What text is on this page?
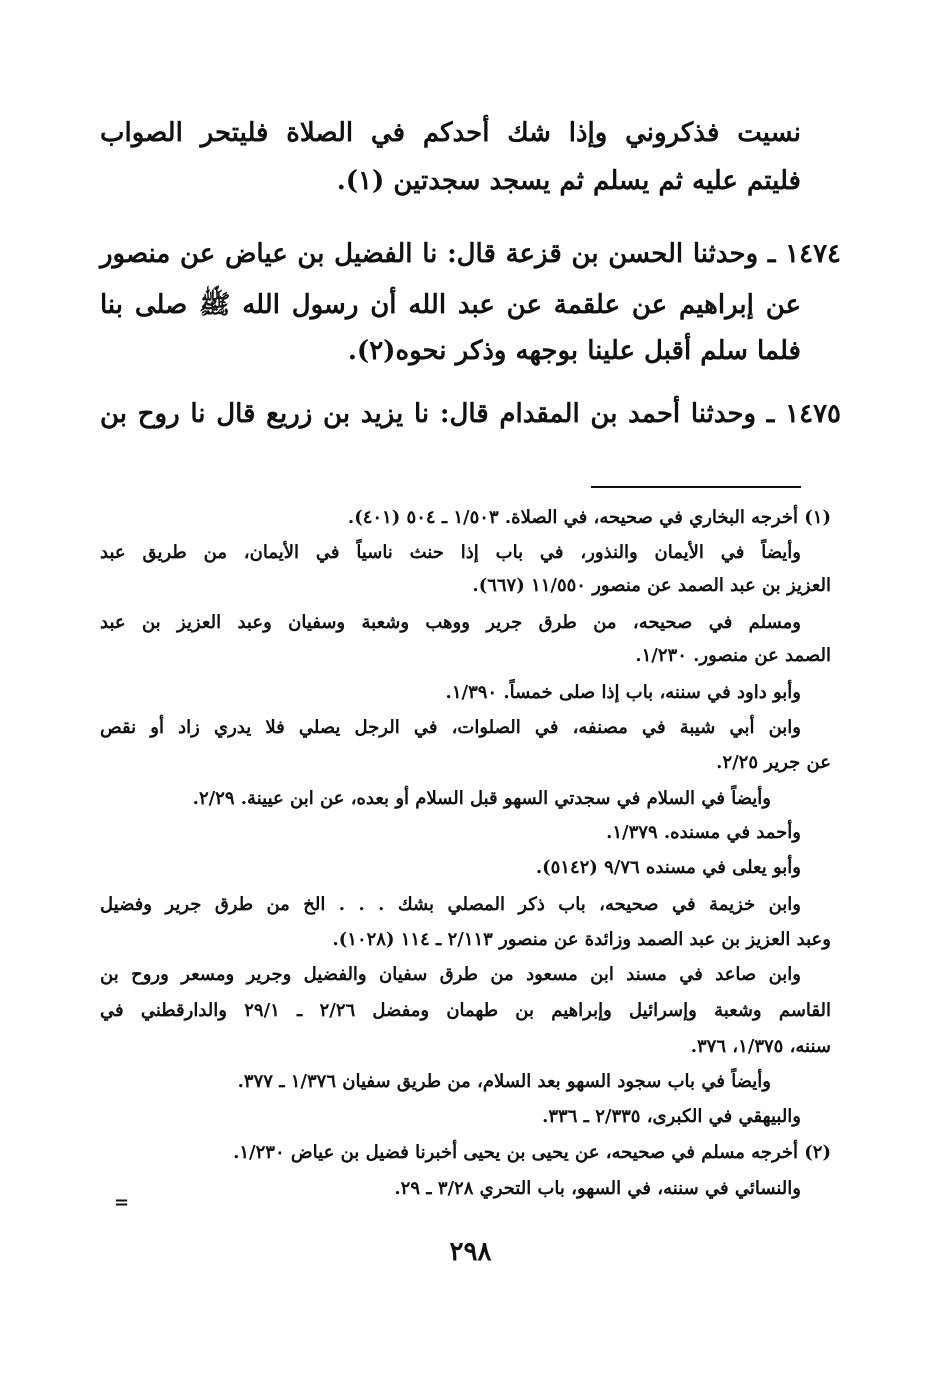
نسيت فذكروني وإذا شك أحدكم في الصلاة فليتحر الصواب
فليتم عليه ثم يسلم ثم يسجد سجدتين (١).
١٤٧٤ ـ وحدثنا الحسن بن قزعة قال: نا الفضيل بن عياض عن منصور
عن إبراهيم عن علقمة عن عبد الله أن رسول الله ﷺ صلى بنا
فلما سلم أقبل علينا بوجهه وذكر نحوه(٢).
١٤٧٥ ـ وحدثنا أحمد بن المقدام قال: نا يزيد بن زريع قال نا روح بن
(١) أخرجه البخاري في صحيحه، في الصلاة. ١/٥٠٣ ـ ٥٠٤ (٤٠١).
وأيضاً في الأيمان والنذور، في باب إذا حنث ناسياً في الأيمان، من طريق عبد
العزيز بن عبد الصمد عن منصور ١١/٥٥٠ (٦٦٧).
ومسلم في صحيحه، من طرق جرير ووهب وشعبة وسفيان وعبد العزيز بن عبد
الصمد عن منصور. ١/٢٣٠.
وأبو داود في سننه، باب إذا صلى خمساً. ١/٣٩٠.
وابن أبي شيبة في مصنفه، في الصلوات، في الرجل يصلي فلا يدري زاد أو نقص
عن جرير ٢/٢٥.
وأيضاً في السلام في سجدتي السهو قبل السلام أو بعده، عن ابن عيينة. ٢/٢٩.
وأحمد في مسنده. ١/٣٧٩.
وأبو يعلى في مسنده ٩/٧٦ (٥١٤٢).
وابن خزيمة في صحيحه، باب ذكر المصلي بشك . . . الخ من طرق جرير وفضيل
وعبد العزيز بن عبد الصمد وزائدة عن منصور ٢/١١٣ ـ ١١٤ (١٠٢٨).
وابن صاعد في مسند ابن مسعود من طرق سفيان والفضيل وجرير ومسعر وروح بن
القاسم وشعبة وإسرائيل وإبراهيم بن طهمان ومفضل ٢/٢٦ ـ ٢٩/١ والدارقطني في
سننه، ١/٣٧٥، ٣٧٦.
وأيضاً في باب سجود السهو بعد السلام، من طريق سفيان ١/٣٧٦ ـ ٣٧٧.
والبيهقي في الكبرى، ٢/٣٣٥ ـ ٣٣٦.
(٢) أخرجه مسلم في صحيحه، عن يحيى بن يحيى أخبرنا فضيل بن عياض ١/٢٣٠.
والنسائي في سننه، في السهو، باب التحري ٣/٢٨ ـ ٢٩.
=
٢٩٨
